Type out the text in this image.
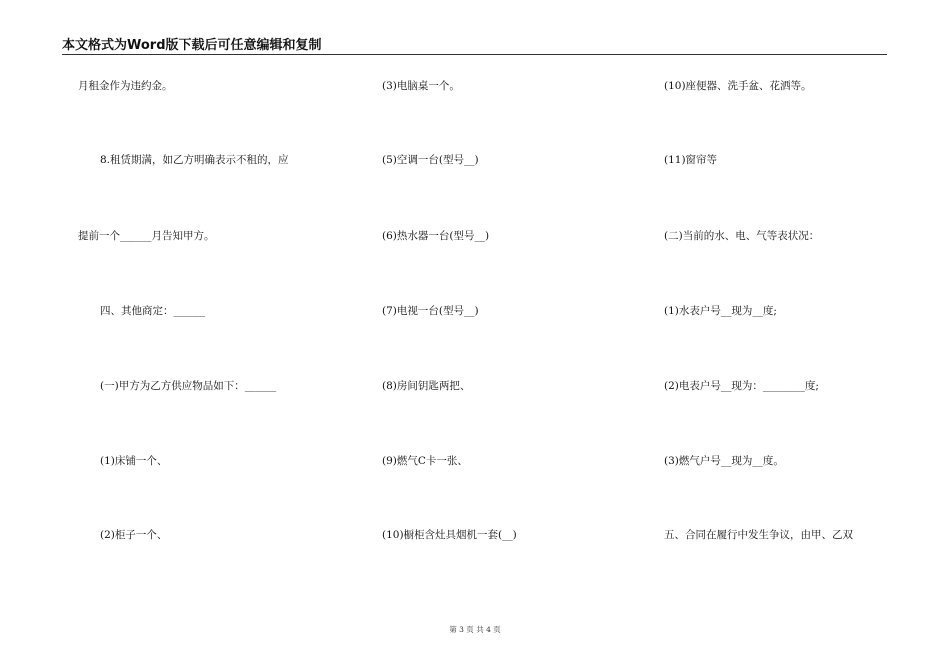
本文格式为Word版下载后可任意编辑和复制
月租金作为违约金。
8.租赁期满，如乙方明确表示不租的，应
提前一个______月告知甲方。
四、其他商定：______
(一)甲方为乙方供应物品如下：______
(1)床铺一个、
(2)柜子一个、
(3)电脑桌一个。
(5)空调一台(型号__)
(6)热水器一台(型号__)
(7)电视一台(型号__)
(8)房间钥匙两把、
(9)燃气C卡一张、
(10)橱柜含灶具烟机一套(__)
(10)座便器、洗手盆、花洒等。
(11)窗帘等
(二)当前的水、电、气等表状况：
(1)水表户号__现为__度;
(2)电表户号__现为：________度;
(3)燃气户号__现为__度。
五、合同在履行中发生争议，由甲、乙双
第 3 页 共 4 页
